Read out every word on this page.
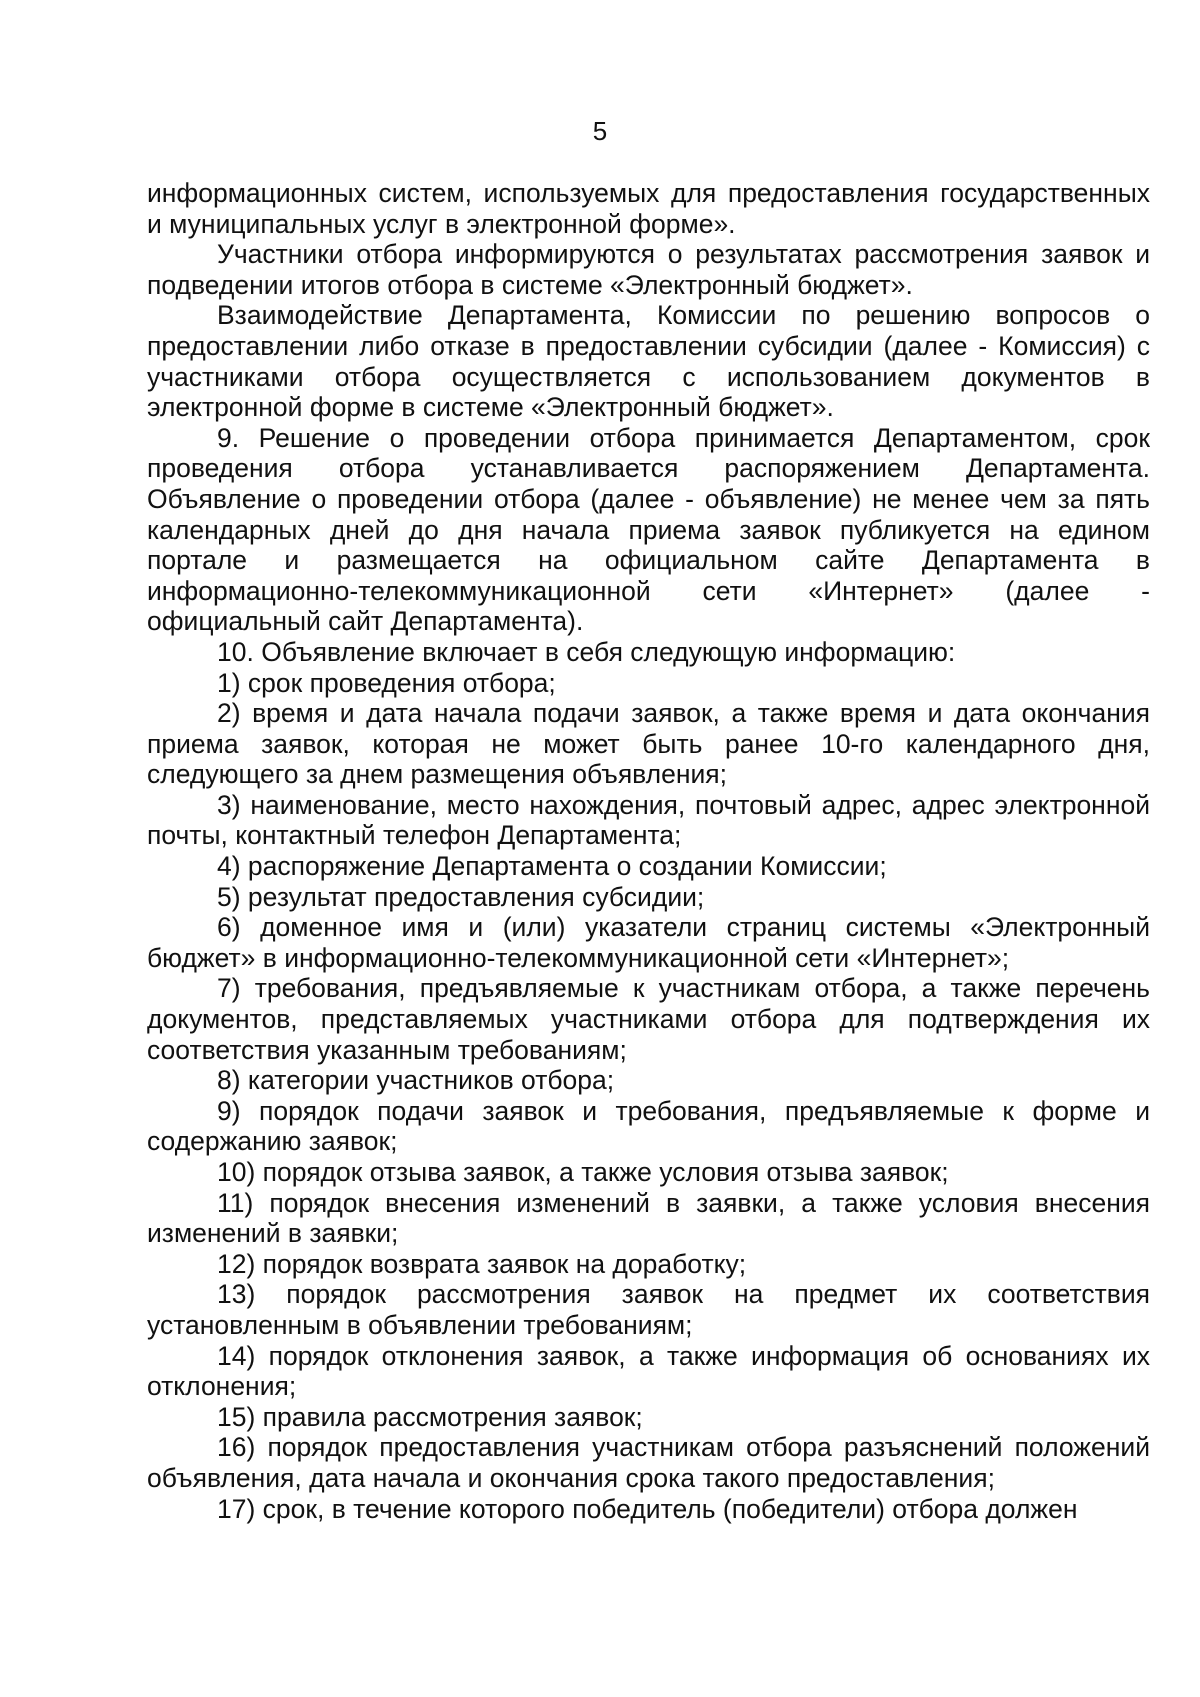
5

информационных систем, используемых для предоставления государственных и муниципальных услуг в электронной форме».

Участники отбора информируются о результатах рассмотрения заявок и подведении итогов отбора в системе «Электронный бюджет».

Взаимодействие Департамента, Комиссии по решению вопросов о предоставлении либо отказе в предоставлении субсидии (далее - Комиссия) с участниками отбора осуществляется с использованием документов в электронной форме в системе «Электронный бюджет».

9. Решение о проведении отбора принимается Департаментом, срок проведения отбора устанавливается распоряжением Департамента. Объявление о проведении отбора (далее - объявление) не менее чем за пять календарных дней до дня начала приема заявок публикуется на едином портале и размещается на официальном сайте Департамента в информационно-телекоммуникационной сети «Интернет» (далее - официальный сайт Департамента).

10. Объявление включает в себя следующую информацию:

1) срок проведения отбора;

2) время и дата начала подачи заявок, а также время и дата окончания приема заявок, которая не может быть ранее 10-го календарного дня, следующего за днем размещения объявления;

3) наименование, место нахождения, почтовый адрес, адрес электронной почты, контактный телефон Департамента;

4) распоряжение Департамента о создании Комиссии;

5) результат предоставления субсидии;

6) доменное имя и (или) указатели страниц системы «Электронный бюджет» в информационно-телекоммуникационной сети «Интернет»;

7) требования, предъявляемые к участникам отбора, а также перечень документов, представляемых участниками отбора для подтверждения их соответствия указанным требованиям;

8) категории участников отбора;

9) порядок подачи заявок и требования, предъявляемые к форме и содержанию заявок;

10) порядок отзыва заявок, а также условия отзыва заявок;

11) порядок внесения изменений в заявки, а также условия внесения изменений в заявки;

12) порядок возврата заявок на доработку;

13) порядок рассмотрения заявок на предмет их соответствия установленным в объявлении требованиям;

14) порядок отклонения заявок, а также информация об основаниях их отклонения;

15) правила рассмотрения заявок;

16) порядок предоставления участникам отбора разъяснений положений объявления, дата начала и окончания срока такого предоставления;

17) срок, в течение которого победитель (победители) отбора должен
